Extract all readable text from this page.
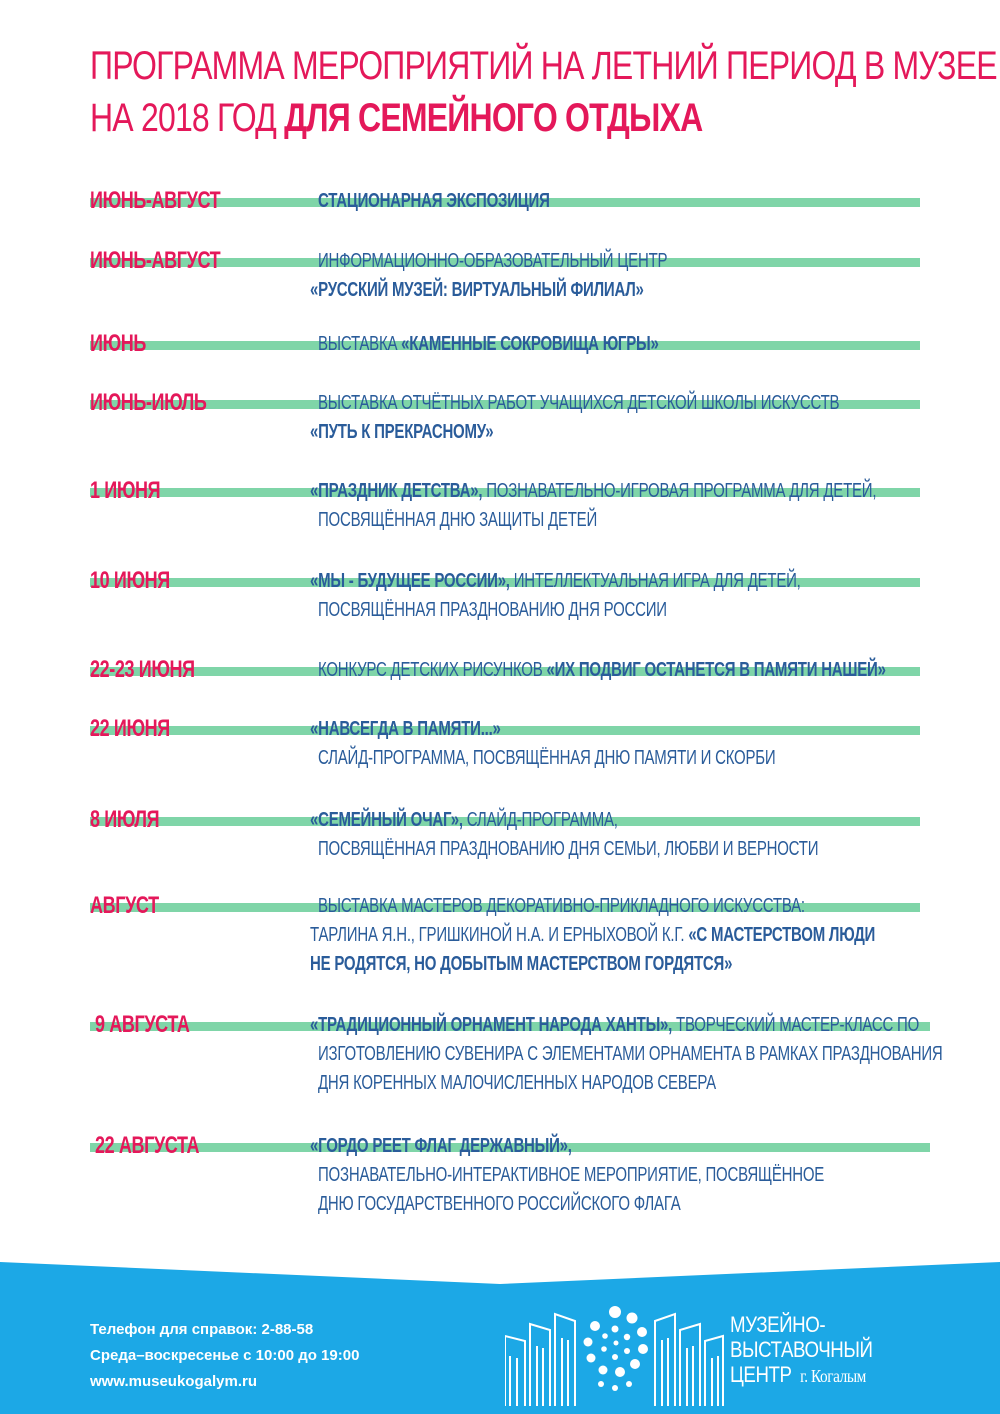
ПРОГРАММА МЕРОПРИЯТИЙ НА ЛЕТНИЙ ПЕРИОД В МУЗЕЕ
НА 2018 ГОД ДЛЯ СЕМЕЙНОГО ОТДЫХА
ИЮНЬ-АВГУСТ	СТАЦИОНАРНАЯ ЭКСПОЗИЦИЯ
ИЮНЬ-АВГУСТ	ИНФОРМАЦИОННО-ОБРАЗОВАТЕЛЬНЫЙ ЦЕНТР
«РУССКИЙ МУЗЕЙ: ВИРТУАЛЬНЫЙ ФИЛИАЛ»
ИЮНЬ	ВЫСТАВКА «КАМЕННЫЕ СОКРОВИЩА ЮГРЫ»
ИЮНЬ-ИЮЛЬ	ВЫСТАВКА ОТЧЁТНЫХ РАБОТ УЧАЩИХСЯ ДЕТСКОЙ ШКОЛЫ ИСКУССТВ
«ПУТЬ К ПРЕКРАСНОМУ»
1 ИЮНЯ	«ПРАЗДНИК ДЕТСТВА», ПОЗНАВАТЕЛЬНО-ИГРОВАЯ ПРОГРАММА ДЛЯ ДЕТЕЙ,
ПОСВЯЩЁННАЯ ДНЮ ЗАЩИТЫ ДЕТЕЙ
10 ИЮНЯ	«МЫ - БУДУЩЕЕ РОССИИ», ИНТЕЛЛЕКТУАЛЬНАЯ ИГРА ДЛЯ ДЕТЕЙ,
ПОСВЯЩЁННАЯ ПРАЗДНОВАНИЮ ДНЯ РОССИИ
22-23 ИЮНЯ	КОНКУРС ДЕТСКИХ РИСУНКОВ «ИХ ПОДВИГ ОСТАНЕТСЯ В ПАМЯТИ НАШЕЙ»
22 ИЮНЯ	«НАВСЕГДА В ПАМЯТИ...»
СЛАЙД-ПРОГРАММА, ПОСВЯЩЁННАЯ ДНЮ ПАМЯТИ И СКОРБИ
8 ИЮЛЯ	«СЕМЕЙНЫЙ ОЧАГ», СЛАЙД-ПРОГРАММА,
ПОСВЯЩЁННАЯ ПРАЗДНОВАНИЮ ДНЯ СЕМЬИ, ЛЮБВИ И ВЕРНОСТИ
АВГУСТ	ВЫСТАВКА МАСТЕРОВ ДЕКОРАТИВНО-ПРИКЛАДНОГО ИСКУССТВА:
ТАРЛИНА Я.Н., ГРИШКИНОЙ Н.А. И ЕРНЫХОВОЙ К.Г. «С МАСТЕРСТВОМ ЛЮДИ
НЕ РОДЯТСЯ, НО ДОБЫТЫМ МАСТЕРСТВОМ ГОРДЯТСЯ»
9 АВГУСТА	«ТРАДИЦИОННЫЙ ОРНАМЕНТ НАРОДА ХАНТЫ», ТВОРЧЕСКИЙ МАСТЕР-КЛАСС ПО
ИЗГОТОВЛЕНИЮ СУВЕНИРА С ЭЛЕМЕНТАМИ ОРНАМЕНТА В РАМКАХ ПРАЗДНОВАНИЯ
ДНЯ КОРЕННЫХ МАЛОЧИСЛЕННЫХ НАРОДОВ СЕВЕРА
22 АВГУСТА	«ГОРДО РЕЕТ ФЛАГ ДЕРЖАВНЫЙ»,
ПОЗНАВАТЕЛЬНО-ИНТЕРАКТИВНОЕ МЕРОПРИЯТИЕ, ПОСВЯЩЁННОЕ
ДНЮ ГОСУДАРСТВЕННОГО РОССИЙСКОГО ФЛАГА
Телефон для справок: 2-88-58
Среда–воскресенье с 10:00 до 19:00
www.museukogalym.ru
МУЗЕЙНО-
ВЫСТАВОЧНЫЙ
ЦЕНТР г. Когалым
